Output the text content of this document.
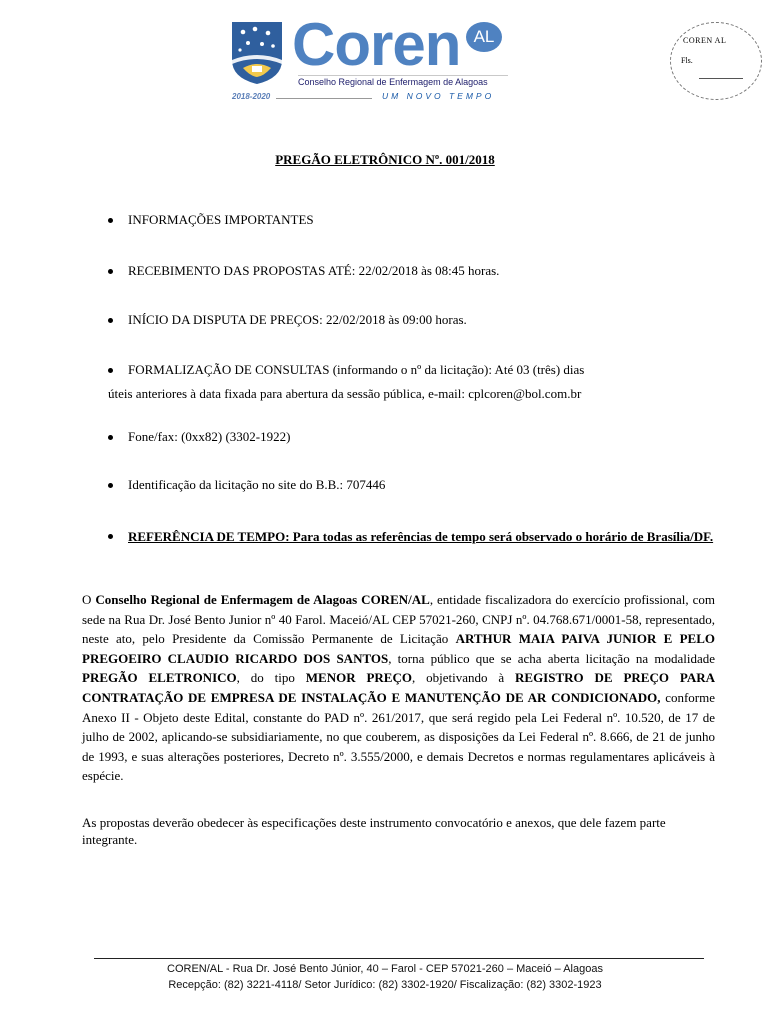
Coren AL
Conselho Regional de Enfermagem de Alagoas
2018-2020	UM NOVO TEMPO
COREN AL
Fls.
PREGÃO ELETRÔNICO Nº. 001/2018
INFORMAÇÕES IMPORTANTES
RECEBIMENTO DAS PROPOSTAS ATÉ: 22/02/2018 às 08:45 horas.
INÍCIO DA DISPUTA DE PREÇOS: 22/02/2018 às 09:00 horas.
FORMALIZAÇÃO DE CONSULTAS (informando o nº da licitação): Até 03 (três) dias
úteis anteriores à data fixada para abertura da sessão pública, e-mail: cplcoren@bol.com.br
Fone/fax: (0xx82) (3302-1922)
Identificação da licitação no site do B.B.: 707446
REFERÊNCIA DE TEMPO: Para todas as referências de tempo será observado o horário de Brasília/DF.
O Conselho Regional de Enfermagem de Alagoas COREN/AL, entidade fiscalizadora do exercício profissional, com sede na Rua Dr. José Bento Junior nº 40 Farol. Maceió/AL CEP 57021-260, CNPJ nº. 04.768.671/0001-58, representado, neste ato, pelo Presidente da Comissão Permanente de Licitação ARTHUR MAIA PAIVA JUNIOR E PELO PREGOEIRO CLAUDIO RICARDO DOS SANTOS, torna público que se acha aberta licitação na modalidade PREGÃO ELETRONICO, do tipo MENOR PREÇO, objetivando à REGISTRO DE PREÇO PARA CONTRATAÇÃO DE EMPRESA DE INSTALAÇÃO E MANUTENÇÃO DE AR CONDICIONADO, conforme Anexo II - Objeto deste Edital, constante do PAD nº. 261/2017, que será regido pela Lei Federal nº. 10.520, de 17 de julho de 2002, aplicando-se subsidiariamente, no que couberem, as disposições da Lei Federal nº. 8.666, de 21 de junho de 1993, e suas alterações posteriores, Decreto nº. 3.555/2000, e demais Decretos e normas regulamentares aplicáveis à espécie.
As propostas deverão obedecer às especificações deste instrumento convocatório e anexos, que dele fazem parte integrante.
COREN/AL - Rua Dr. José Bento Júnior, 40 – Farol - CEP 57021-260 – Maceió – Alagoas
Recepção: (82) 3221-4118/ Setor Jurídico: (82) 3302-1920/ Fiscalização: (82) 3302-1923
